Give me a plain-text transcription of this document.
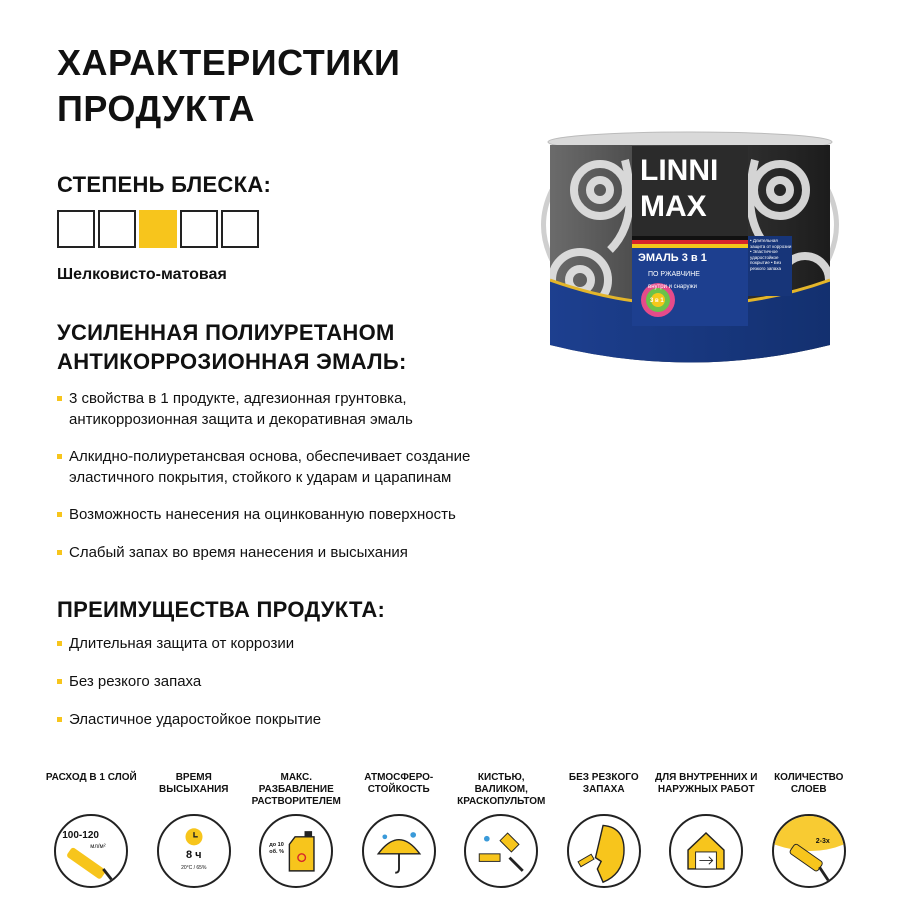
ХАРАКТЕРИСТИКИ
ПРОДУКТА
СТЕПЕНЬ БЛЕСКА:
Шелковисто-матовая
УСИЛЕННАЯ ПОЛИУРЕТАНОМ
АНТИКОРРОЗИОННАЯ ЭМАЛЬ:
3 свойства в 1 продукте, адгезионная грунтовка, антикоррозионная защита и декоративная эмаль
Алкидно-полиуретансвая основа, обеспечивает создание эластичного покрытия, стойкого к ударам и царапинам
Возможность нанесения на оцинкованную поверхность
Слабый запах во время нанесения и высыхания
ПРЕИМУЩЕСТВА ПРОДУКТА:
Длительная защита от коррозии
Без резкого запаха
Эластичное ударостойкое покрытие
LINNI
MAX
ЭМАЛЬ 3 в 1
ПО РЖАВЧИНЕ
внутри и снаружи
3 в 1
• Длительная защита от коррозии • Эластичное ударостойкое покрытие • Без резкого запаха
РАСХОД В 1 СЛОЙ
100-120
мл/м²
ВРЕМЯ ВЫСЫХАНИЯ
8 ч
20°С / 65%
МАКС. РАЗБАВЛЕНИЕ РАСТВОРИТЕЛЕМ
до 10 об. %
АТМОСФЕРО-СТОЙКОСТЬ
КИСТЬЮ, ВАЛИКОМ, КРАСКОПУЛЬТОМ
БЕЗ РЕЗКОГО ЗАПАХА
ДЛЯ ВНУТРЕННИХ И НАРУЖНЫХ РАБОТ
КОЛИЧЕСТВО СЛОЕВ
2-3х
